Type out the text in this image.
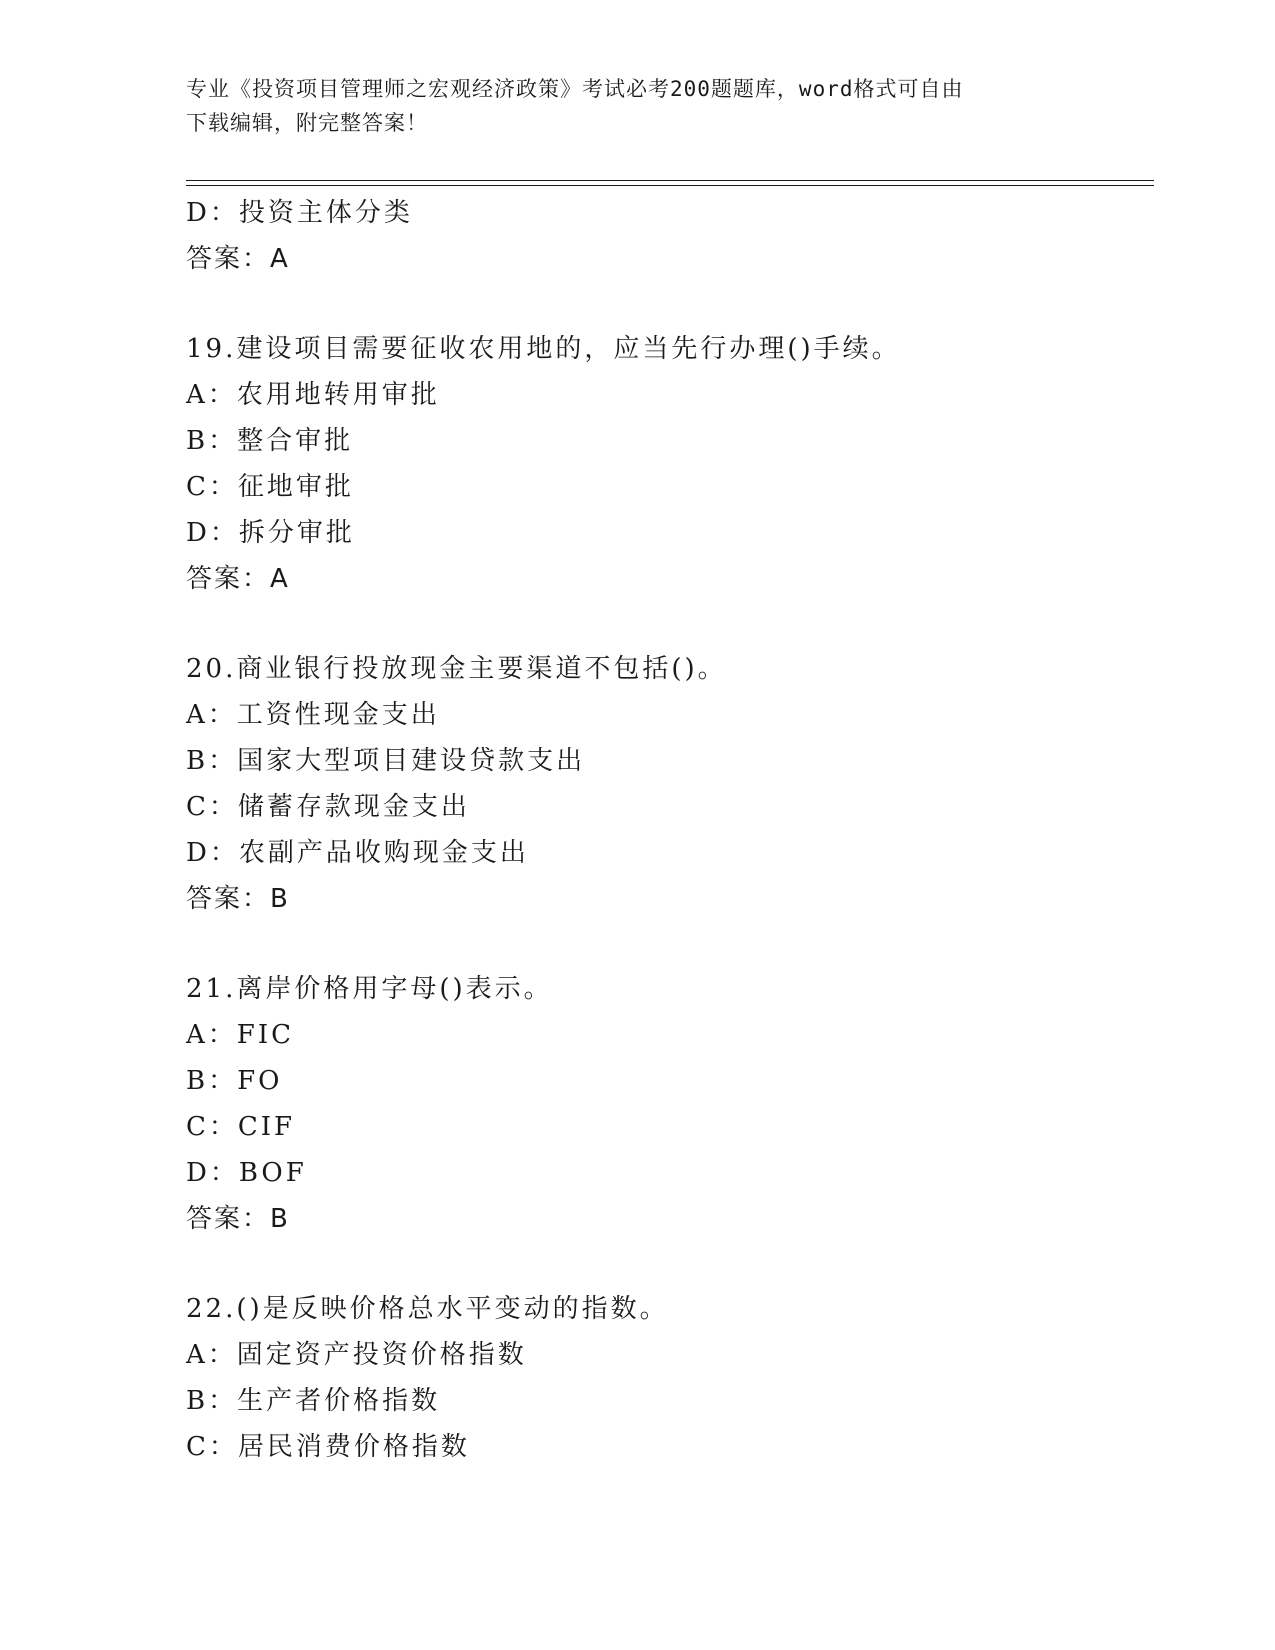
专业《投资项目管理师之宏观经济政策》考试必考200题题库，word格式可自由
下载编辑，附完整答案！
D：投资主体分类
答案：A
19.建设项目需要征收农用地的，应当先行办理()手续。
A：农用地转用审批
B：整合审批
C：征地审批
D：拆分审批
答案：A
20.商业银行投放现金主要渠道不包括()。
A：工资性现金支出
B：国家大型项目建设贷款支出
C：储蓄存款现金支出
D：农副产品收购现金支出
答案：B
21.离岸价格用字母()表示。
A：FIC
B：FO
C：CIF
D：BOF
答案：B
22.()是反映价格总水平变动的指数。
A：固定资产投资价格指数
B：生产者价格指数
C：居民消费价格指数
